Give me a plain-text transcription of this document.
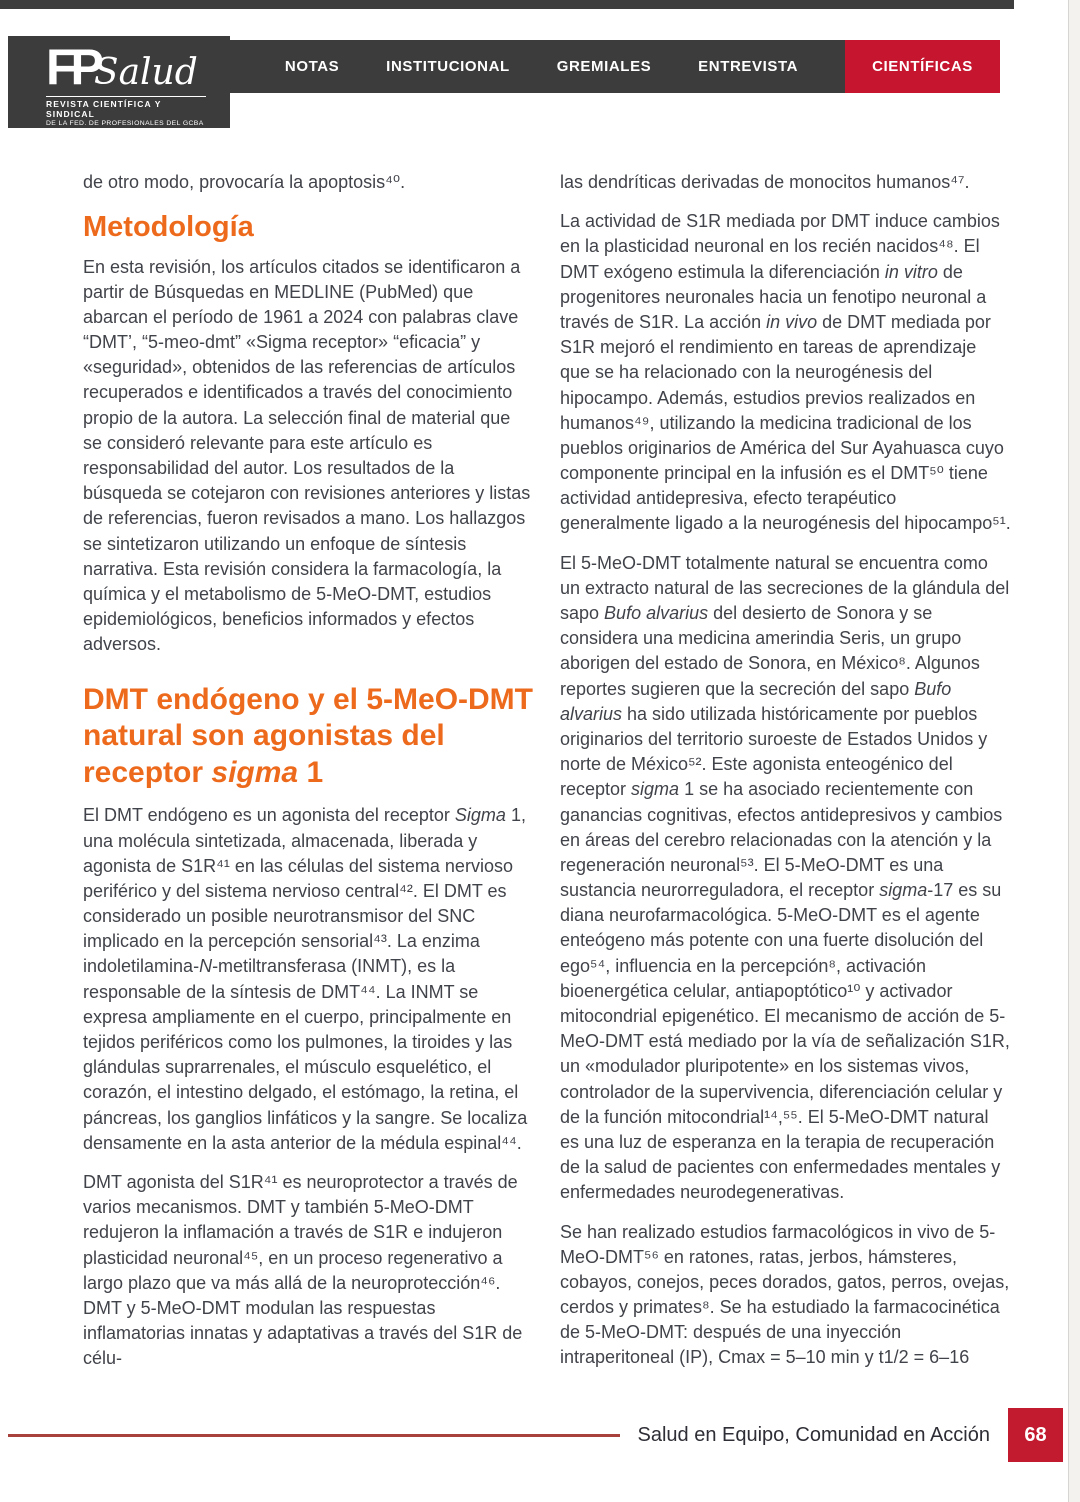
NOTAS	INSTITUCIONAL	GREMIALES	ENTREVISTA	CIENTÍFICAS
FPSalud
REVISTA CIENTÍFICA Y SINDICAL
DE LA FED. DE PROFESIONALES DEL GCBA

de otro modo, provocaría la apoptosis⁴⁰.

Metodología

En esta revisión, los artículos citados se identificaron a partir de Búsquedas en MEDLINE (PubMed) que abarcan el período de 1961 a 2024 con palabras clave “DMT’, “5-meo-dmt” «Sigma receptor» “eficacia” y «seguridad», obtenidos de las referencias de artículos recuperados e identificados a través del conocimiento propio de la autora. La selección final de material que se consideró relevante para este artículo es responsabilidad del autor. Los resultados de la búsqueda se cotejaron con revisiones anteriores y listas de referencias, fueron revisados a mano. Los hallazgos se sintetizaron utilizando un enfoque de síntesis narrativa. Esta revisión considera la farmacología, la química y el metabolismo de 5-MeO-DMT, estudios epidemiológicos, beneficios informados y efectos adversos.

DMT endógeno y el 5-MeO-DMT natural son agonistas del receptor sigma 1

El DMT endógeno es un agonista del receptor Sigma 1, una molécula sintetizada, almacenada, liberada y agonista de S1R⁴¹ en las células del sistema nervioso periférico y del sistema nervioso central⁴². El DMT es considerado un posible neurotransmisor del SNC implicado en la percepción sensorial⁴³. La enzima indoletilamina-N-metiltransferasa (INMT), es la responsable de la síntesis de DMT⁴⁴. La INMT se expresa ampliamente en el cuerpo, principalmente en tejidos periféricos como los pulmones, la tiroides y las glándulas suprarrenales, el músculo esquelético, el corazón, el intestino delgado, el estómago, la retina, el páncreas, los ganglios linfáticos y la sangre. Se localiza densamente en la asta anterior de la médula espinal⁴⁴.

DMT agonista del S1R⁴¹ es neuroprotector a través de varios mecanismos. DMT y también 5-MeO-DMT redujeron la inflamación a través de S1R e indujeron plasticidad neuronal⁴⁵, en un proceso regenerativo a largo plazo que va más allá de la neuroprotección⁴⁶. DMT y 5-MeO-DMT modulan las respuestas inflamatorias innatas y adaptativas a través del S1R de célu-

las dendríticas derivadas de monocitos humanos⁴⁷.

La actividad de S1R mediada por DMT induce cambios en la plasticidad neuronal en los recién nacidos⁴⁸. El DMT exógeno estimula la diferenciación in vitro de progenitores neuronales hacia un fenotipo neuronal a través de S1R. La acción in vivo de DMT mediada por S1R mejoró el rendimiento en tareas de aprendizaje que se ha relacionado con la neurogénesis del hipocampo. Además, estudios previos realizados en humanos⁴⁹, utilizando la medicina tradicional de los pueblos originarios de América del Sur Ayahuasca cuyo componente principal en la infusión es el DMT⁵⁰ tiene actividad antidepresiva, efecto terapéutico generalmente ligado a la neurogénesis del hipocampo⁵¹.

El 5-MeO-DMT totalmente natural se encuentra como un extracto natural de las secreciones de la glándula del sapo Bufo alvarius del desierto de Sonora y se considera una medicina amerindia Seris, un grupo aborigen del estado de Sonora, en México⁸. Algunos reportes sugieren que la secreción del sapo Bufo alvarius ha sido utilizada históricamente por pueblos originarios del territorio suroeste de Estados Unidos y norte de México⁵². Este agonista enteogénico del receptor sigma 1 se ha asociado recientemente con ganancias cognitivas, efectos antidepresivos y cambios en áreas del cerebro relacionadas con la atención y la regeneración neuronal⁵³. El 5-MeO-DMT es una sustancia neurorreguladora, el receptor sigma-17 es su diana neurofarmacológica. 5-MeO-DMT es el agente enteógeno más potente con una fuerte disolución del ego⁵⁴, influencia en la percepción⁸, activación bioenergética celular, antiapoptótico¹⁰ y activador mitocondrial epigenético. El mecanismo de acción de 5-MeO-DMT está mediado por la vía de señalización S1R, un «modulador pluripotente» en los sistemas vivos, controlador de la supervivencia, diferenciación celular y de la función mitocondrial¹⁴,⁵⁵. El 5-MeO-DMT natural es una luz de esperanza en la terapia de recuperación de la salud de pacientes con enfermedades mentales y enfermedades neurodegenerativas.

Se han realizado estudios farmacológicos in vivo de 5-MeO-DMT⁵⁶ en ratones, ratas, jerbos, hámsteres, cobayos, conejos, peces dorados, gatos, perros, ovejas, cerdos y primates⁸. Se ha estudiado la farmacocinética de 5-MeO-DMT: después de una inyección intraperitoneal (IP), Cmax = 5–10 min y t1/2 = 6–16

Salud en Equipo, Comunidad en Acción	68
